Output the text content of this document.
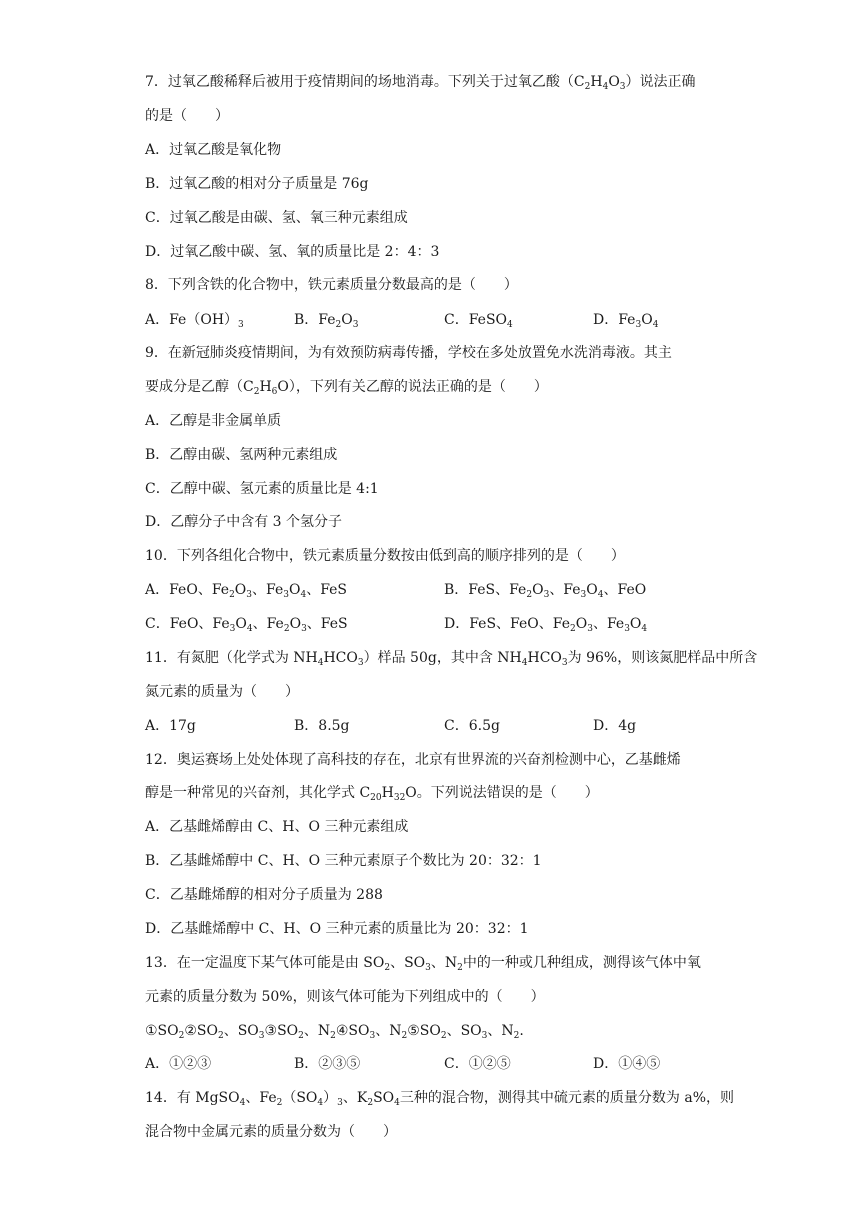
7．过氧乙酸稀释后被用于疫情期间的场地消毒。下列关于过氧乙酸$(C_2H_4O_3)$说法正确
的是（　　）
A．过氧乙酸是氧化物
B．过氧乙酸的相对分子质量是 76g
C．过氧乙酸是由碳、氢、氧三种元素组成
D．过氧乙酸中碳、氢、氧的质量比是 2：4：3
8．下列含铁的化合物中，铁元素质量分数最高的是（　　）
A．$Fe(OH)_3$	B．$Fe_2O_3$	C．FeSO$_4$	D．$Fe_3O_4$
9．在新冠肺炎疫情期间，为有效预防病毒传播，学校在多处放置免水洗消毒液。其主
要成分是乙醇$(C_2H_6O)$，下列有关乙醇的说法正确的是（　　）
A．乙醇是非金属单质
B．乙醇由碳、氢两种元素组成
C．乙醇中碳、氢元素的质量比是 4:1
D．乙醇分子中含有 3 个氢分子
10．下列各组化合物中，铁元素质量分数按由低到高的顺序排列的是（　　）
A．FeO、$Fe_2O_3$、$Fe_3O_4$、FeS	B．FeS、$Fe_2O_3$、$Fe_3O_4$、FeO
C．FeO、$Fe_3O_4$、$Fe_2O_3$、FeS	D．FeS、FeO、$Fe_2O_3$、$Fe_3O_4$
11．有氮肥（化学式为 $NH_4HCO_3$）样品 50g，其中含 $NH_4HCO_3$为 96%，则该氮肥样品中所含
氮元素的质量为（　　）
A．17g	B．8.5g	C．6.5g	D．4g
12．奥运赛场上处处体现了高科技的存在，北京有世界流的兴奋剂检测中心，乙基雌烯
醇是一种常见的兴奋剂，其化学式 $C_{20}H_{32}O$。下列说法错误的是（　　）
A．乙基雌烯醇由 C、H、O 三种元素组成
B．乙基雌烯醇中 C、H、O 三种元素原子个数比为 20：32：1
C．乙基雌烯醇的相对分子质量为 288
D．乙基雌烯醇中 C、H、O 三种元素的质量比为 20：32：1
13．在一定温度下某气体可能是由 $SO_2$、$SO_3$、$N_2$中的一种或几种组成，测得该气体中氧
元素的质量分数为 50%，则该气体可能为下列组成中的（　　）
$①SO_2②SO_2$、$SO_3③SO_2$、$N_2④SO_3$、$N_2⑤SO_2$、$SO_3$、$N_2$.
A．①②③	B．②③⑤	C．①②⑤	D．①④⑤
14．有 MgSO$_4$、$Fe_2(SO_4)_3$、$K_2SO_4$三种的混合物，测得其中硫元素的质量分数为 a%，则
混合物中金属元素的质量分数为（　　）
